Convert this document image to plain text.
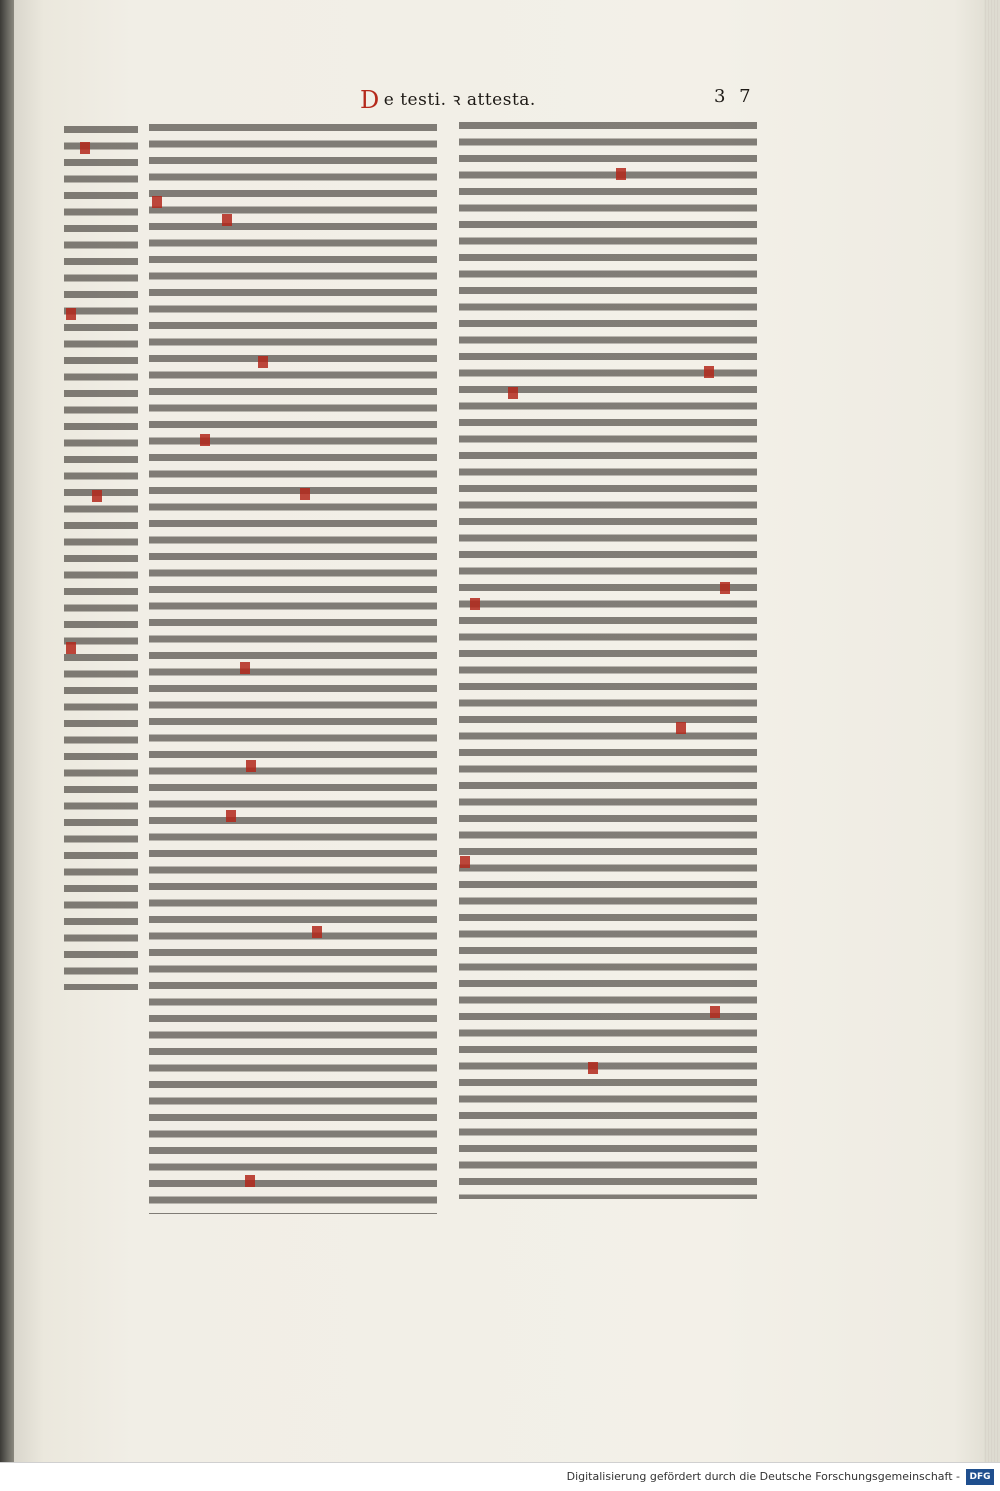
D e testi. ꝛ attesta.	3 7
Digitalisierung gefördert durch die Deutsche Forschungsgemeinschaft -	DFG
